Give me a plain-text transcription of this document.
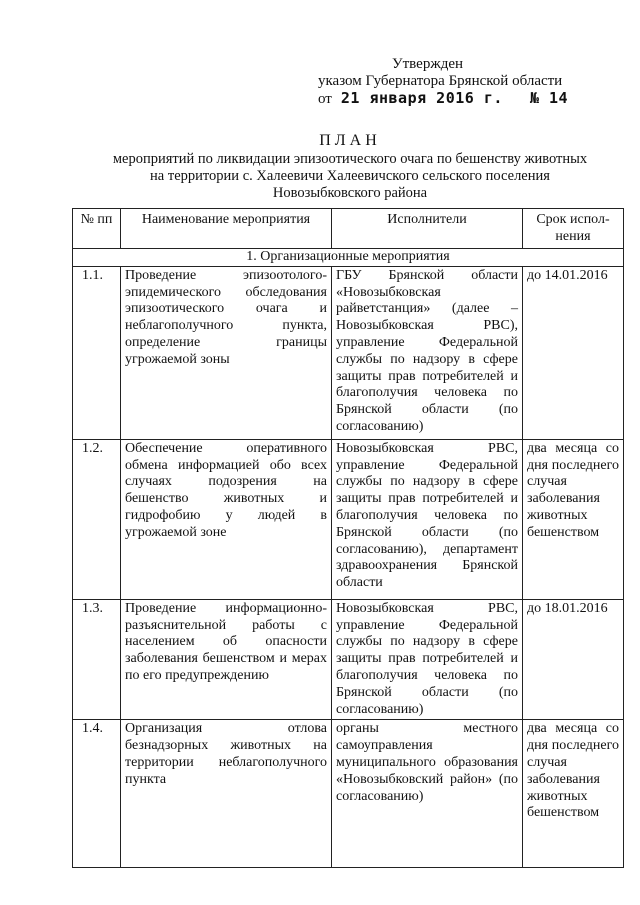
Утвержден
указом Губернатора Брянской области
от 21 января 2016 г. № 14
ПЛАН
мероприятий по ликвидации эпизоотического очага по бешенству животных
на территории с. Халеевичи Халеевичского сельского поселения
Новозыбковского района
№ пп	Наименование мероприятия	Исполнители	Срок испол-нения
1. Организационные мероприятия			
1.1.	Проведение эпизоотолого-эпидемического обследования эпизоотического очага и неблагополучного пункта, определение границы угрожаемой зоны	ГБУ Брянской области «Новозыбковская райветстанция» (далее – Новозыбковская РВС), управление Федеральной службы по надзору в сфере защиты прав потребителей и благополучия человека по Брянской области (по согласованию)	до 14.01.2016
1.2.	Обеспечение оперативного обмена информацией обо всех случаях подозрения на бешенство животных и гидрофобию у людей в угрожаемой зоне	Новозыбковская РВС, управление Федеральной службы по надзору в сфере защиты прав потребителей и благополучия человека по Брянской области (по согласованию), департамент здравоохранения Брянской области	два месяца со дня последнего случая заболевания животных бешенством
1.3.	Проведение информационно-разъяснительной работы с населением об опасности заболевания бешенством и мерах по его предупреждению	Новозыбковская РВС, управление Федеральной службы по надзору в сфере защиты прав потребителей и благополучия человека по Брянской области (по согласованию)	до 18.01.2016
1.4.	Организация отлова безнадзорных животных на территории неблагополучного пункта	органы местного самоуправления муниципального образования «Новозыбковский район» (по согласованию)	два месяца со дня последнего случая заболевания животных бешенством
